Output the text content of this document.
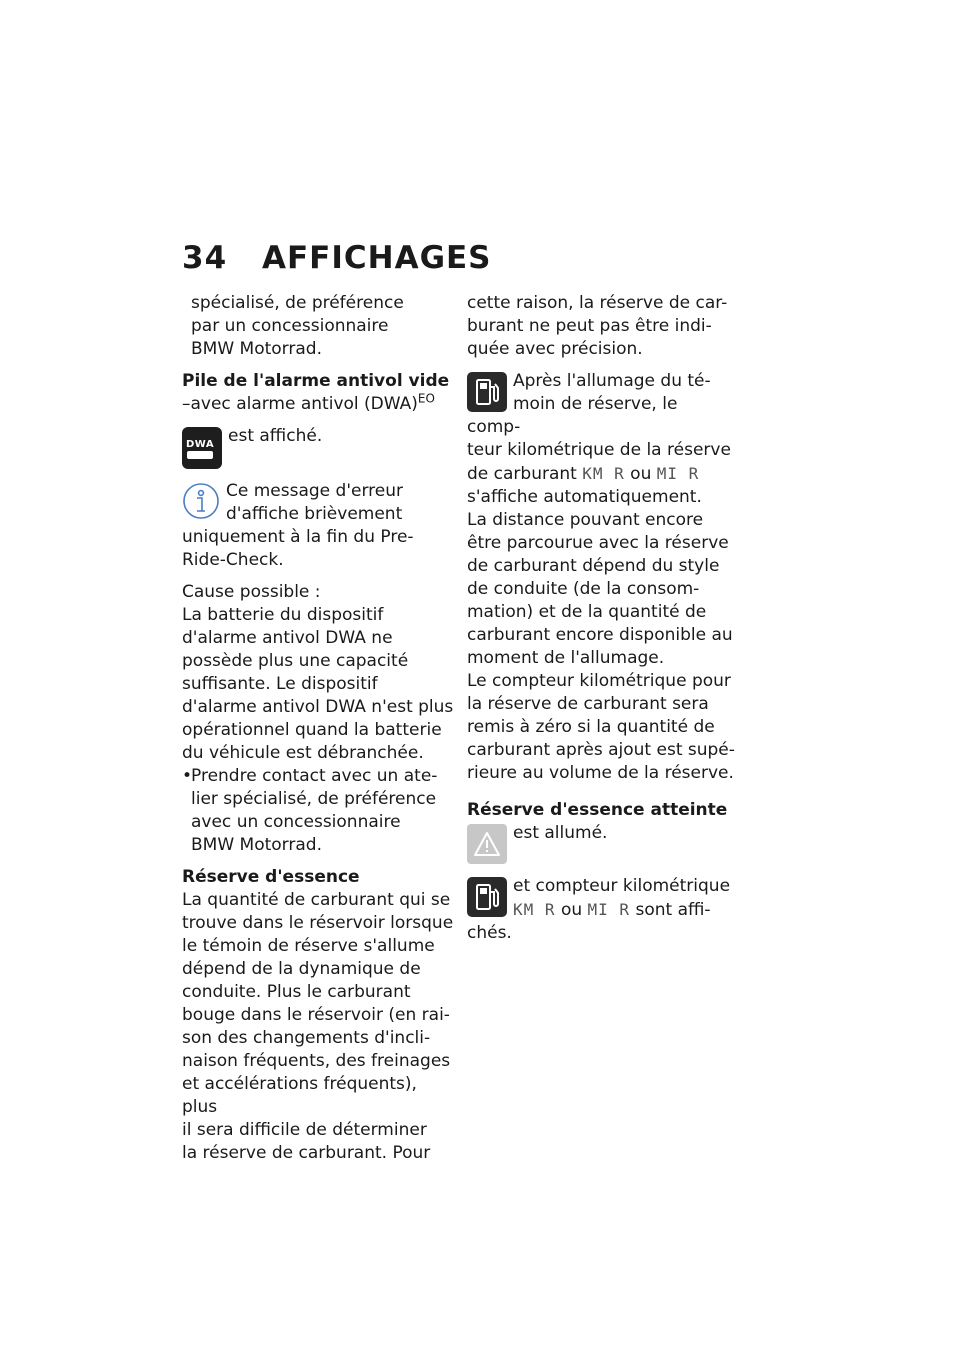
34 AFFICHAGES

spécialisé, de préférence

par un concessionnaire

BMW Motorrad.

Pile de l'alarme antivol vide

–avec alarme antivol (DWA)$^{EO}$

DWA est affiché.

Ce message d'erreur

d'affiche brièvement

uniquement à la fin du Pre-

Ride-Check.

Cause possible :

La batterie du dispositif

d'alarme antivol DWA ne

possède plus une capacité

suffisante. Le dispositif

d'alarme antivol DWA n'est plus

opérationnel quand la batterie

du véhicule est débranchée.

•

Prendre contact avec un ate-

lier spécialisé, de préférence

avec un concessionnaire

BMW Motorrad.

Réserve d'essence

La quantité de carburant qui se

trouve dans le réservoir lorsque

le témoin de réserve s'allume

dépend de la dynamique de

conduite. Plus le carburant

bouge dans le réservoir (en rai-

son des changements d'incli-

naison fréquents, des freinages

et accélérations fréquents), plus

il sera difficile de déterminer

la réserve de carburant. Pour

cette raison, la réserve de car-

burant ne peut pas être indi-

quée avec précision.

Après l'allumage du té-

moin de réserve, le comp-

teur kilométrique de la réserve

de carburant KM R ou MI R

s'affiche automatiquement.

La distance pouvant encore

être parcourue avec la réserve

de carburant dépend du style

de conduite (de la consom-

mation) et de la quantité de

carburant encore disponible au

moment de l'allumage.

Le compteur kilométrique pour

la réserve de carburant sera

remis à zéro si la quantité de

carburant après ajout est supé-

rieure au volume de la réserve.

Réserve d'essence atteinte

est allumé.

et compteur kilométrique

KM R ou MI R sont affi-

chés.
